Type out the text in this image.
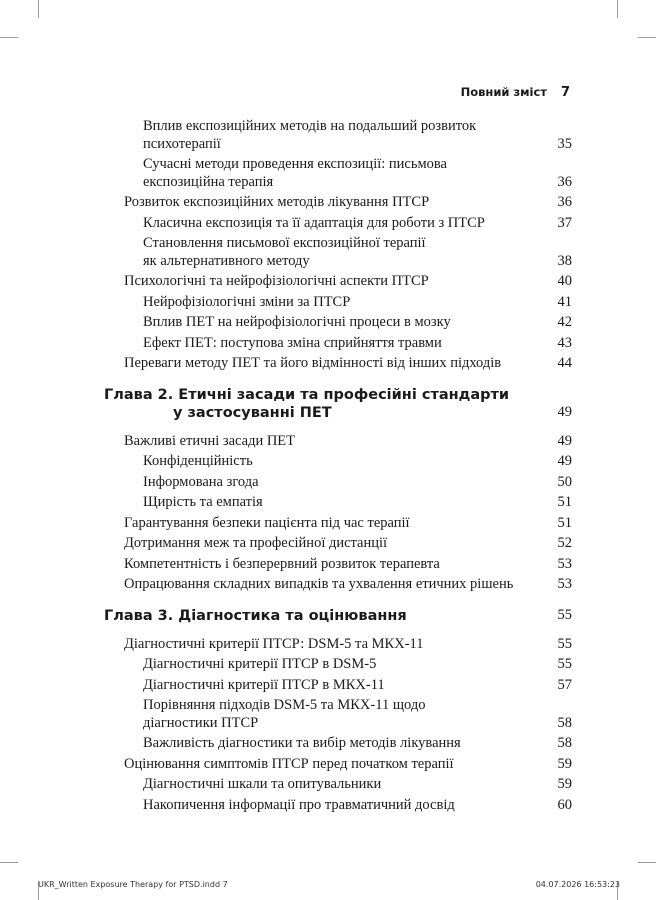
Повний зміст 7
Вплив експозиційних методів на подальший розвиток
психотерапії	35
Сучасні методи проведення експозиції: письмова
експозиційна терапія	36
Розвиток експозиційних методів лікування ПТСР	36
Класична експозиція та її адаптація для роботи з ПТСР	37
Становлення письмової експозиційної терапії
як альтернативного методу	38
Психологічні та нейрофізіологічні аспекти ПТСР	40
Нейрофізіологічні зміни за ПТСР	41
Вплив ПЕТ на нейрофізіологічні процеси в мозку	42
Ефект ПЕТ: поступова зміна сприйняття травми	43
Переваги методу ПЕТ та його відмінності від інших підходів	44
Глава 2. Етичні засади та професійні стандарти
у застосуванні ПЕТ	49
Важливі етичні засади ПЕТ	49
Конфіденційність	49
Інформована згода	50
Щирість та емпатія	51
Гарантування безпеки пацієнта під час терапії	51
Дотримання меж та професійної дистанції	52
Компетентність і безперервний розвиток терапевта	53
Опрацювання складних випадків та ухвалення етичних рішень	53
Глава 3. Діагностика та оцінювання	55
Діагностичні критерії ПТСР: DSM-5 та МКХ-11	55
Діагностичні критерії ПТСР в DSM-5	55
Діагностичні критерії ПТСР в МКХ-11	57
Порівняння підходів DSM-5 та МКХ-11 щодо
діагностики ПТСР	58
Важливість діагностики та вибір методів лікування	58
Оцінювання симптомів ПТСР перед початком терапії	59
Діагностичні шкали та опитувальники	59
Накопичення інформації про травматичний досвід	60
UKR_Written Exposure Therapy for PTSD.indd 7	04.07.2026 16:53:23
